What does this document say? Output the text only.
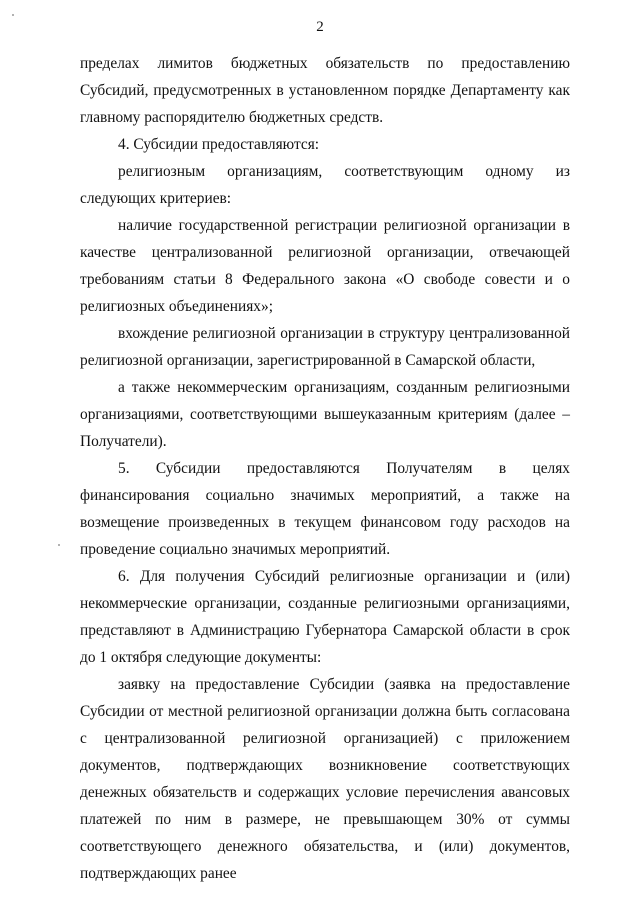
2

пределах лимитов бюджетных обязательств по предоставлению Субсидий, предусмотренных в установленном порядке Департаменту как главному распорядителю бюджетных средств.

4. Субсидии предоставляются:

религиозным организациям, соответствующим одному из следующих критериев:

наличие государственной регистрации религиозной организации в качестве централизованной религиозной организации, отвечающей требованиям статьи 8 Федерального закона «О свободе совести и о религиозных объединениях»;

вхождение религиозной организации в структуру централизованной религиозной организации, зарегистрированной в Самарской области,

а также некоммерческим организациям, созданным религиозными организациями, соответствующими вышеуказанным критериям (далее – Получатели).

5. Субсидии предоставляются Получателям в целях финансирования социально значимых мероприятий, а также на возмещение произведенных в текущем финансовом году расходов на проведение социально значимых мероприятий.

6. Для получения Субсидий религиозные организации и (или) некоммерческие организации, созданные религиозными организациями, представляют в Администрацию Губернатора Самарской области в срок до 1 октября следующие документы:

заявку на предоставление Субсидии (заявка на предоставление Субсидии от местной религиозной организации должна быть согласована с централизованной религиозной организацией) с приложением документов, подтверждающих возникновение соответствующих денежных обязательств и содержащих условие перечисления авансовых платежей по ним в размере, не превышающем 30% от суммы соответствующего денежного обязательства, и (или) документов, подтверждающих ранее
